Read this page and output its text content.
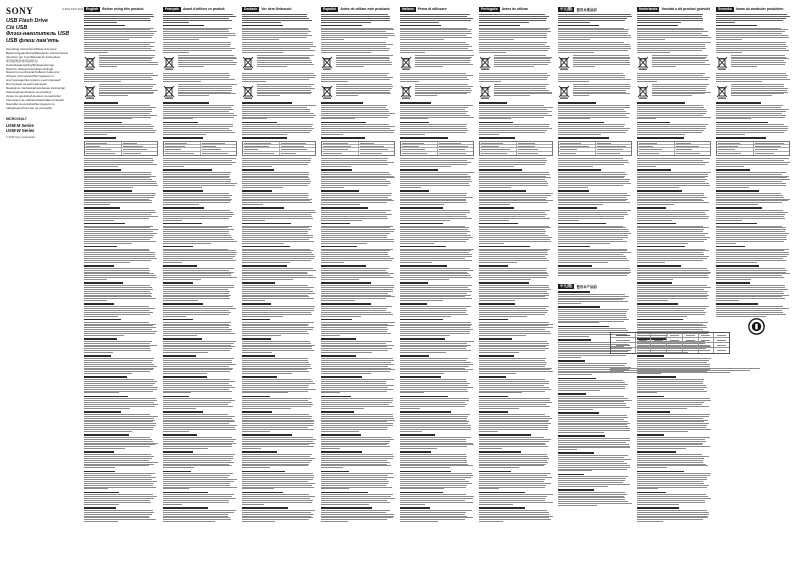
SONY	4-453-XXX-11(1)
USB Flash Drive
Clé USB
Флэш-накопитель USB
USB флеш пам'ять
Operating Instructions/Mode d'emploi/
Bedienungsanleitung/Manual de instrucciones/
Istruzioni per l'uso/Manual de instruções/
使用說明書/使用说明书/
Gebruiksaanwijzing/Bruksanvisning/
Návod k obsluze/Instrukcja obsługi/
Návod na používanie/Kullanım kılavuzu/
Οδηγίες λειτουργίας/Инструкция по
эксплуатации/Інструкція з експлуатації/
Инструкции за експлоатация/
Naudojimo instrukcija/Lietošanas instrukcija/
Kasutusjuhend/Upute za uporabu/
Upute za upotrebu/Uputstvo za upotrebu/
Instrucțiuni de utilizare/Használati útmutató/
Navodila za uporabo/Инструкция по
пайдалану/Упатство за употреба
MICROVAULT
USM-M Series
USM-W Series
© 2016 Sony Corporation
English	Before using this product	Français	Avant d'utiliser ce produit	Deutsch	Vor dem Gebrauch	Español	Antes de utilizar este producto	Italiano	Prima di utilizzare	Português	Antes de utilizar
中文(简)	使用本产品前
中文(繁)	使用本產品前	Nederlands	Voordat u dit product gebruikt	Svenska	Innan du använder produkten
